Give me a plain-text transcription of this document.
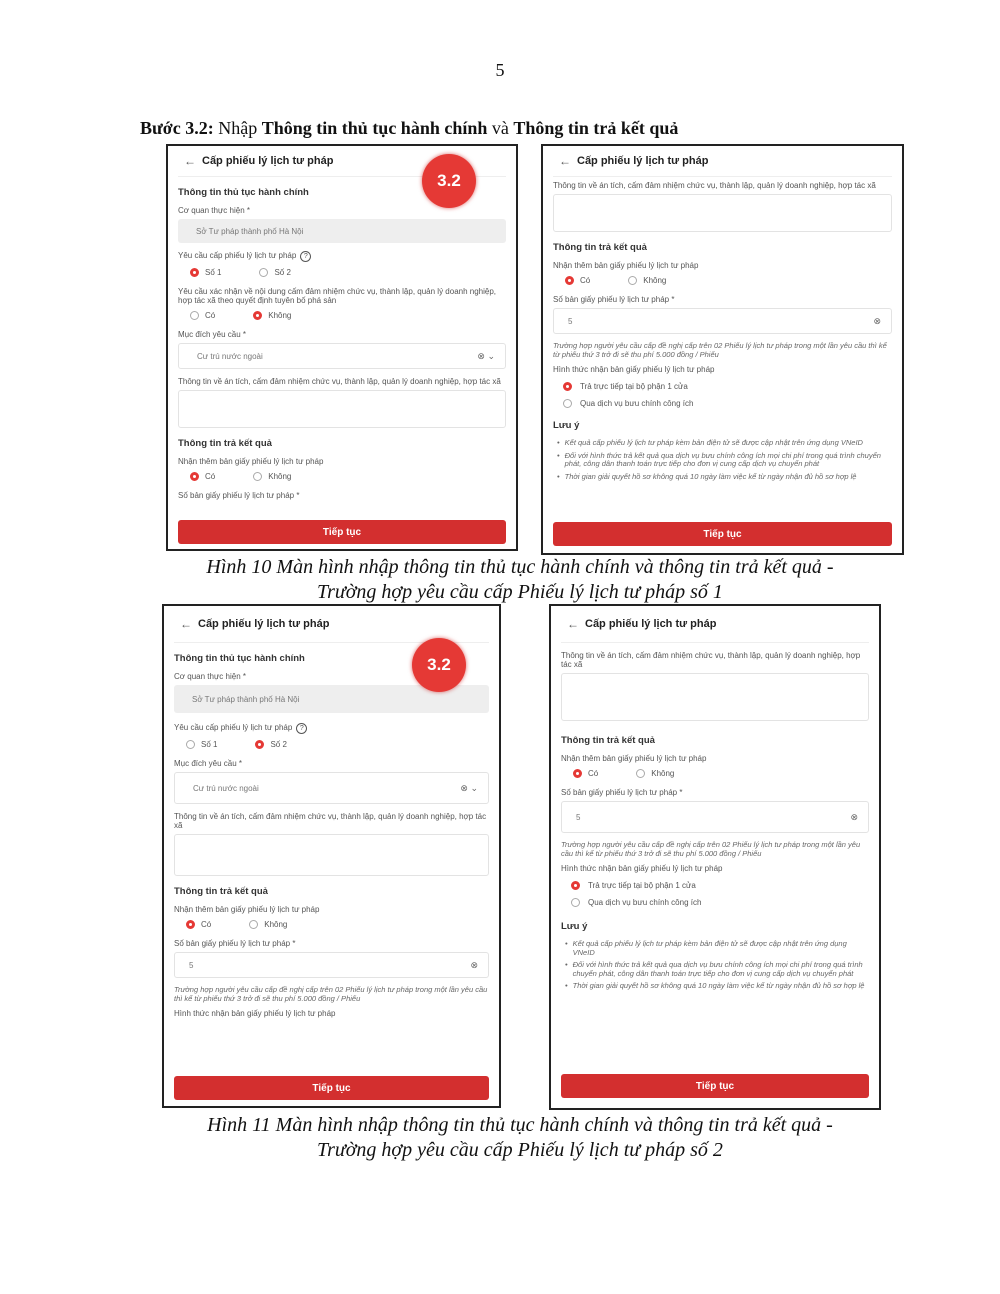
5
Bước 3.2: Nhập Thông tin thủ tục hành chính và Thông tin trả kết quả
← Cấp phiếu lý lịch tư pháp
3.2
Thông tin thủ tục hành chính
Cơ quan thực hiện *
Sở Tư pháp thành phố Hà Nội
Yêu cầu cấp phiếu lý lịch tư pháp ?
Số 1	Số 2
Yêu cầu xác nhận về nội dung cấm đảm nhiệm chức vụ, thành lập, quản lý doanh nghiệp, hợp tác xã theo quyết định tuyên bố phá sản
Có	Không
Mục đích yêu cầu *
Cư trú nước ngoài	⊗ ⌄
Thông tin về án tích, cấm đảm nhiệm chức vụ, thành lập, quản lý doanh nghiệp, hợp tác xã
Thông tin trả kết quả
Nhận thêm bản giấy phiếu lý lịch tư pháp
Có	Không
Số bản giấy phiếu lý lịch tư pháp *
Tiếp tục
← Cấp phiếu lý lịch tư pháp
Thông tin về án tích, cấm đảm nhiệm chức vụ, thành lập, quản lý doanh nghiệp, hợp tác xã
Thông tin trả kết quả
Nhận thêm bản giấy phiếu lý lịch tư pháp
Có	Không
Số bản giấy phiếu lý lịch tư pháp *
5	⊗
Trường hợp người yêu cầu cấp đề nghị cấp trên 02 Phiếu lý lịch tư pháp trong một lần yêu cầu thì kể từ phiếu thứ 3 trở đi sẽ thu phí 5.000 đồng / Phiếu
Hình thức nhận bản giấy phiếu lý lịch tư pháp
Trả trực tiếp tại bộ phận 1 cửa
Qua dịch vụ bưu chính công ích
Lưu ý
• Kết quả cấp phiếu lý lịch tư pháp kèm bản điện tử sẽ được cập nhật trên ứng dụng VNeID
• Đối với hình thức trả kết quả qua dịch vụ bưu chính công ích mọi chi phí trong quá trình chuyển phát, công dân thanh toán trực tiếp cho đơn vị cung cấp dịch vụ chuyển phát
• Thời gian giải quyết hồ sơ không quá 10 ngày làm việc kể từ ngày nhận đủ hồ sơ hợp lệ
Tiếp tục
Hình 10 Màn hình nhập thông tin thủ tục hành chính và thông tin trả kết quả -
Trường hợp yêu cầu cấp Phiếu lý lịch tư pháp số 1
← Cấp phiếu lý lịch tư pháp
3.2
Thông tin thủ tục hành chính
Cơ quan thực hiện *
Sở Tư pháp thành phố Hà Nội
Yêu cầu cấp phiếu lý lịch tư pháp ?
Số 1	Số 2
Mục đích yêu cầu *
Cư trú nước ngoài	⊗ ⌄
Thông tin về án tích, cấm đảm nhiệm chức vụ, thành lập, quản lý doanh nghiệp, hợp tác xã
Thông tin trả kết quả
Nhận thêm bản giấy phiếu lý lịch tư pháp
Có	Không
Số bản giấy phiếu lý lịch tư pháp *
5	⊗
Trường hợp người yêu cầu cấp đề nghị cấp trên 02 Phiếu lý lịch tư pháp trong một lần yêu cầu thì kể từ phiếu thứ 3 trở đi sẽ thu phí 5.000 đồng / Phiếu
Hình thức nhận bản giấy phiếu lý lịch tư pháp
Tiếp tục
← Cấp phiếu lý lịch tư pháp
Thông tin về án tích, cấm đảm nhiệm chức vụ, thành lập, quản lý doanh nghiệp, hợp tác xã
Thông tin trả kết quả
Nhận thêm bản giấy phiếu lý lịch tư pháp
Có	Không
Số bản giấy phiếu lý lịch tư pháp *
5	⊗
Trường hợp người yêu cầu cấp đề nghị cấp trên 02 Phiếu lý lịch tư pháp trong một lần yêu cầu thì kể từ phiếu thứ 3 trở đi sẽ thu phí 5.000 đồng / Phiếu
Hình thức nhận bản giấy phiếu lý lịch tư pháp
Trả trực tiếp tại bộ phận 1 cửa
Qua dịch vụ bưu chính công ích
Lưu ý
• Kết quả cấp phiếu lý lịch tư pháp kèm bản điện tử sẽ được cập nhật trên ứng dụng VNeID
• Đối với hình thức trả kết quả qua dịch vụ bưu chính công ích mọi chi phí trong quá trình chuyển phát, công dân thanh toán trực tiếp cho đơn vị cung cấp dịch vụ chuyển phát
• Thời gian giải quyết hồ sơ không quá 10 ngày làm việc kể từ ngày nhận đủ hồ sơ hợp lệ
Tiếp tục
Hình 11 Màn hình nhập thông tin thủ tục hành chính và thông tin trả kết quả -
Trường hợp yêu cầu cấp Phiếu lý lịch tư pháp số 2
